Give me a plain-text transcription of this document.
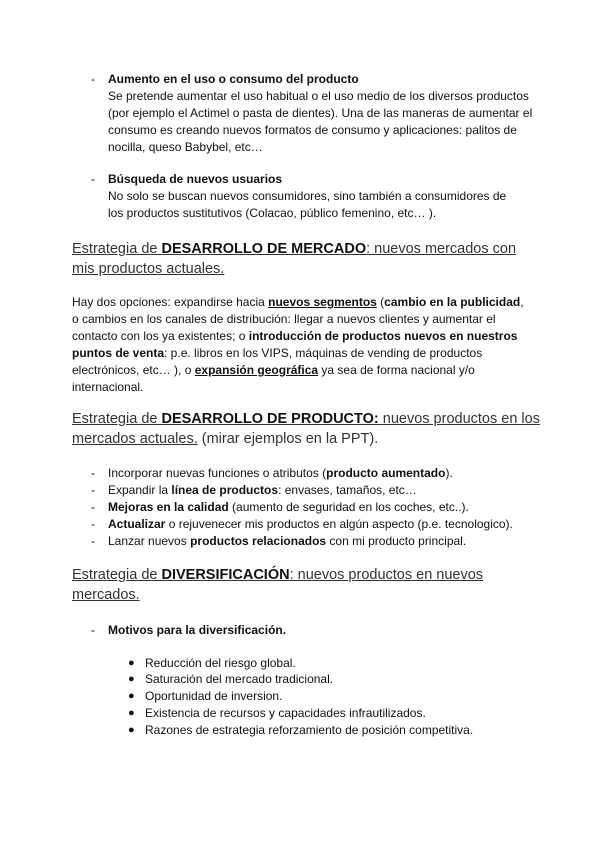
- Aumento en el uso o consumo del producto
Se pretende aumentar el uso habitual o el uso medio de los diversos productos (por ejemplo el Actimel o pasta de dientes). Una de las maneras de aumentar el consumo es creando nuevos formatos de consumo y aplicaciones: palitos de nocilla, queso Babybel, etc…
- Búsqueda de nuevos usuarios
No solo se buscan nuevos consumidores, sino también a consumidores de los productos sustitutivos (Colacao, público femenino, etc… ).
Estrategia de DESARROLLO DE MERCADO: nuevos mercados con mis productos actuales.
Hay dos opciones: expandirse hacia nuevos segmentos (cambio en la publicidad, o cambios en los canales de distribución: llegar a nuevos clientes y aumentar el contacto con los ya existentes; o introducción de productos nuevos en nuestros puntos de venta: p.e. libros en los VIPS, máquinas de vending de productos electrónicos, etc… ), o expansión geográfica ya sea de forma nacional y/o internacional.
Estrategia de DESARROLLO DE PRODUCTO: nuevos productos en los mercados actuales. (mirar ejemplos en la PPT).
- Incorporar nuevas funciones o atributos (producto aumentado).
- Expandir la línea de productos: envases, tamaños, etc…
- Mejoras en la calidad (aumento de seguridad en los coches, etc..).
- Actualizar o rejuvenecer mis productos en algún aspecto (p.e. tecnologico).
- Lanzar nuevos productos relacionados con mi producto principal.
Estrategia de DIVERSIFICACIÓN: nuevos productos en nuevos mercados.
- Motivos para la diversificación.
● Reducción del riesgo global.
● Saturación del mercado tradicional.
● Oportunidad de inversion.
● Existencia de recursos y capacidades infrautilizados.
● Razones de estrategia reforzamiento de posición competitiva.
